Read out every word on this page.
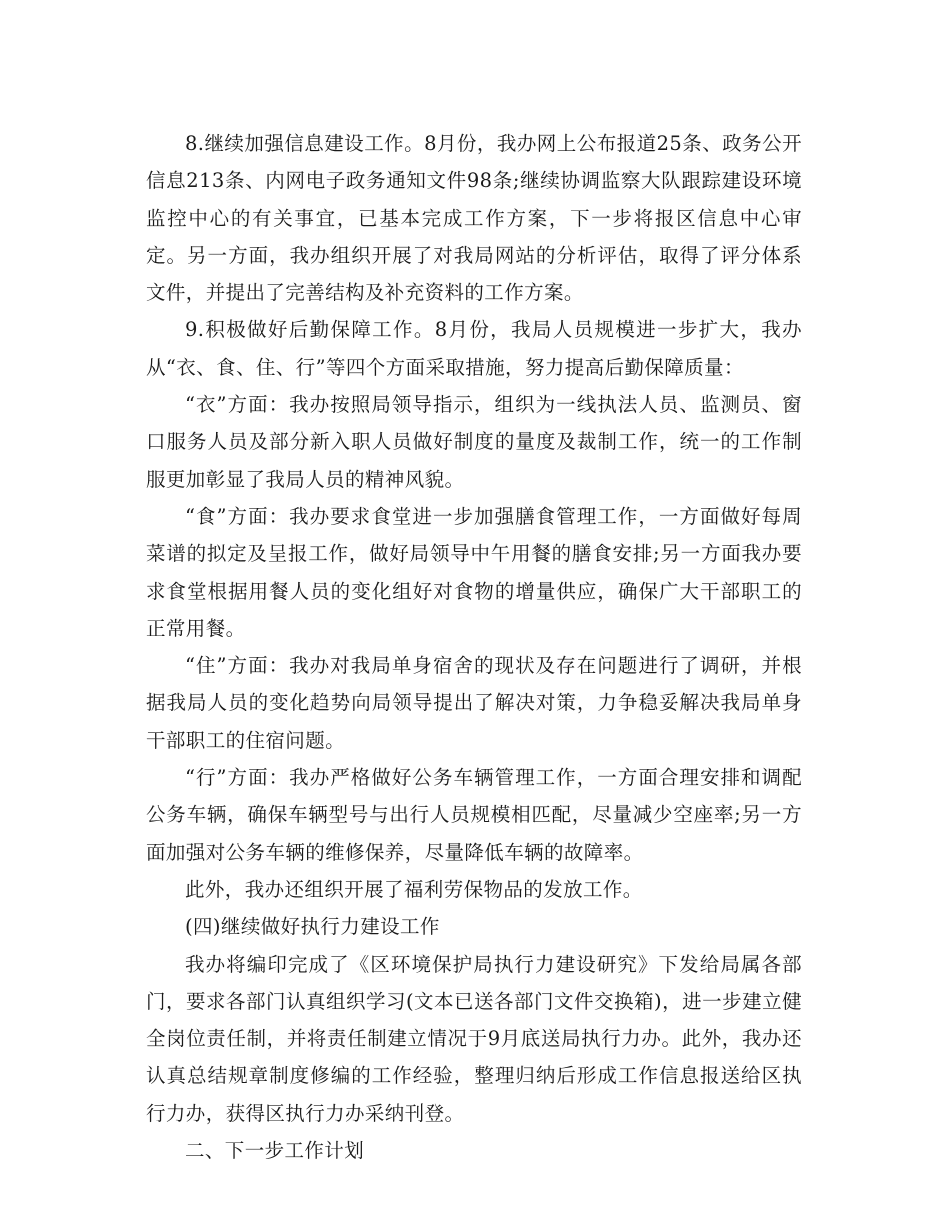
8.继续加强信息建设工作。8月份，我办网上公布报道25条、政务公开信息213条、内网电子政务通知文件98条;继续协调监察大队跟踪建设环境监控中心的有关事宜，已基本完成工作方案，下一步将报区信息中心审定。另一方面，我办组织开展了对我局网站的分析评估，取得了评分体系文件，并提出了完善结构及补充资料的工作方案。

9.积极做好后勤保障工作。8月份，我局人员规模进一步扩大，我办从“衣、食、住、行”等四个方面采取措施，努力提高后勤保障质量：

“衣”方面：我办按照局领导指示，组织为一线执法人员、监测员、窗口服务人员及部分新入职人员做好制度的量度及裁制工作，统一的工作制服更加彰显了我局人员的精神风貌。

“食”方面：我办要求食堂进一步加强膳食管理工作，一方面做好每周菜谱的拟定及呈报工作，做好局领导中午用餐的膳食安排;另一方面我办要求食堂根据用餐人员的变化组好对食物的增量供应，确保广大干部职工的正常用餐。

“住”方面：我办对我局单身宿舍的现状及存在问题进行了调研，并根据我局人员的变化趋势向局领导提出了解决对策，力争稳妥解决我局单身干部职工的住宿问题。

“行”方面：我办严格做好公务车辆管理工作，一方面合理安排和调配公务车辆，确保车辆型号与出行人员规模相匹配，尽量减少空座率;另一方面加强对公务车辆的维修保养，尽量降低车辆的故障率。

此外，我办还组织开展了福利劳保物品的发放工作。

(四)继续做好执行力建设工作

我办将编印完成了《区环境保护局执行力建设研究》下发给局属各部门，要求各部门认真组织学习(文本已送各部门文件交换箱)，进一步建立健全岗位责任制，并将责任制建立情况于9月底送局执行力办。此外，我办还认真总结规章制度修编的工作经验，整理归纳后形成工作信息报送给区执行力办，获得区执行力办采纳刊登。

二、下一步工作计划
